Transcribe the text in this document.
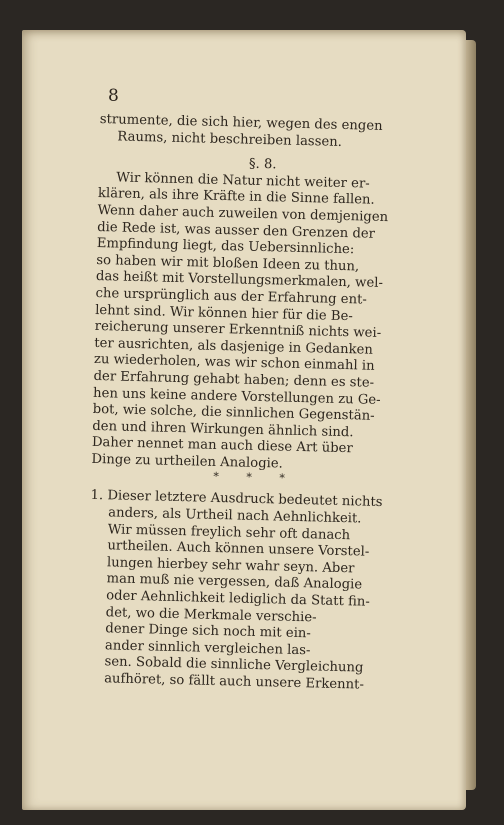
8
strumente, die sich hier, wegen des engen
Raums, nicht beschreiben lassen.
§. 8.
Wir können die Natur nicht weiter er-
klären, als ihre Kräfte in die Sinne fallen.
Wenn daher auch zuweilen von demjenigen
die Rede ist, was ausser den Grenzen der
Empfindung liegt, das Uebersinnliche:
so haben wir mit bloßen Ideen zu thun,
das heißt mit Vorstellungsmerkmalen, wel-
che ursprünglich aus der Erfahrung ent-
lehnt sind. Wir können hier für die Be-
reicherung unserer Erkenntniß nichts wei-
ter ausrichten, als dasjenige in Gedanken
zu wiederholen, was wir schon einmahl in
der Erfahrung gehabt haben; denn es ste-
hen uns keine andere Vorstellungen zu Ge-
bot, wie solche, die sinnlichen Gegenstän-
den und ihren Wirkungen ähnlich sind.
Daher nennet man auch diese Art über
Dinge zu urtheilen Analogie.
* * *
1. Dieser letztere Ausdruck bedeutet nichts
anders, als Urtheil nach Aehnlichkeit.
Wir müssen freylich sehr oft danach
urtheilen. Auch können unsere Vorstel-
lungen hierbey sehr wahr seyn. Aber
man muß nie vergessen, daß Analogie
oder Aehnlichkeit lediglich da Statt fin-
det, wo die Merkmale verschie-
dener Dinge sich noch mit ein-
ander sinnlich vergleichen las-
sen. Sobald die sinnliche Vergleichung
aufhöret, so fällt auch unsere Erkennt-
